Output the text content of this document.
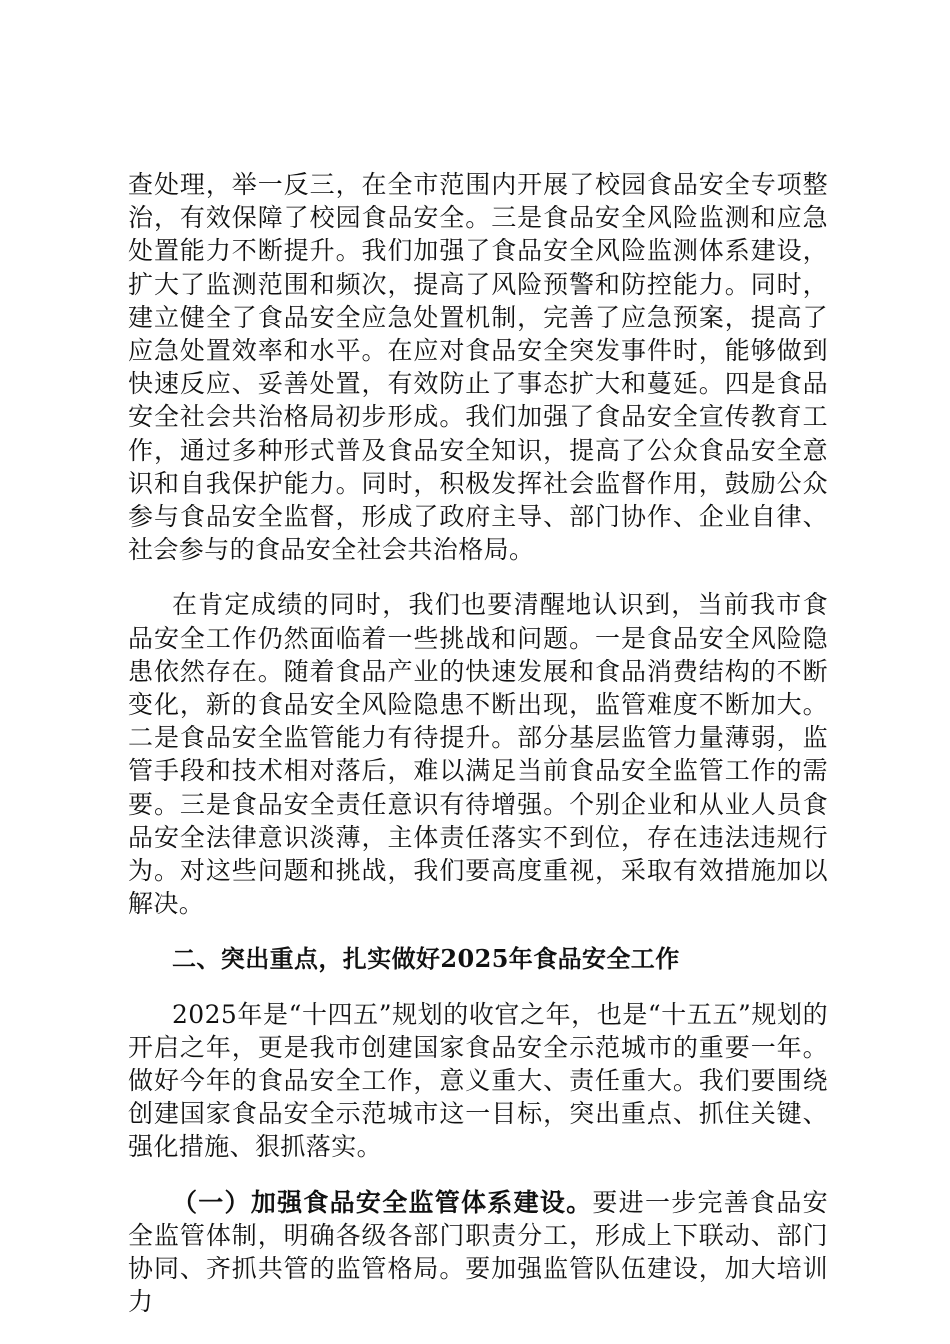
查处理，举一反三，在全市范围内开展了校园食品安全专项整治，有效保障了校园食品安全。三是食品安全风险监测和应急处置能力不断提升。我们加强了食品安全风险监测体系建设，扩大了监测范围和频次，提高了风险预警和防控能力。同时，建立健全了食品安全应急处置机制，完善了应急预案，提高了应急处置效率和水平。在应对食品安全突发事件时，能够做到快速反应、妥善处置，有效防止了事态扩大和蔓延。四是食品安全社会共治格局初步形成。我们加强了食品安全宣传教育工作，通过多种形式普及食品安全知识，提高了公众食品安全意识和自我保护能力。同时，积极发挥社会监督作用，鼓励公众参与食品安全监督，形成了政府主导、部门协作、企业自律、社会参与的食品安全社会共治格局。

在肯定成绩的同时，我们也要清醒地认识到，当前我市食品安全工作仍然面临着一些挑战和问题。一是食品安全风险隐患依然存在。随着食品产业的快速发展和食品消费结构的不断变化，新的食品安全风险隐患不断出现，监管难度不断加大。二是食品安全监管能力有待提升。部分基层监管力量薄弱，监管手段和技术相对落后，难以满足当前食品安全监管工作的需要。三是食品安全责任意识有待增强。个别企业和从业人员食品安全法律意识淡薄，主体责任落实不到位，存在违法违规行为。对这些问题和挑战，我们要高度重视，采取有效措施加以解决。

二、突出重点，扎实做好2025年食品安全工作

2025年是“十四五”规划的收官之年，也是“十五五”规划的开启之年，更是我市创建国家食品安全示范城市的重要一年。做好今年的食品安全工作，意义重大、责任重大。我们要围绕创建国家食品安全示范城市这一目标，突出重点、抓住关键、强化措施、狠抓落实。

（一）加强食品安全监管体系建设。要进一步完善食品安全监管体制，明确各级各部门职责分工，形成上下联动、部门协同、齐抓共管的监管格局。要加强监管队伍建设，加大培训力
